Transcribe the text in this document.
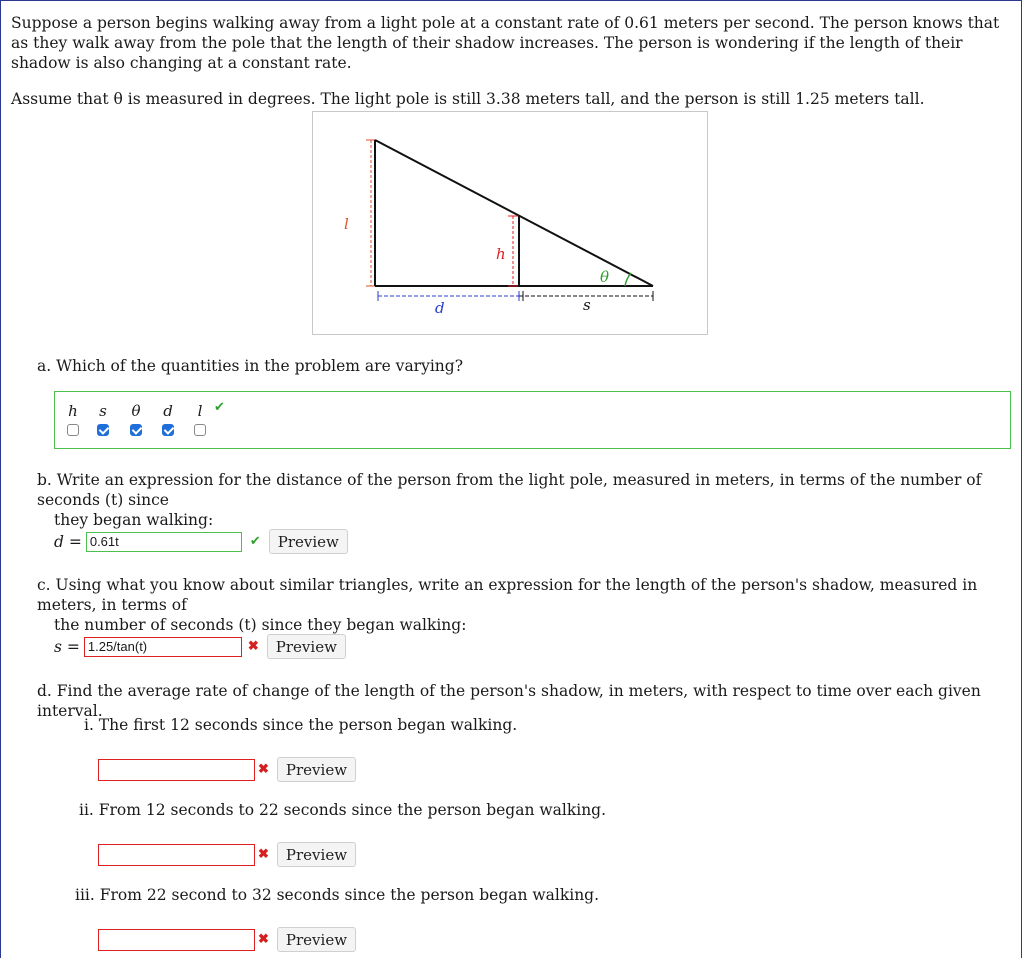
Suppose a person begins walking away from a light pole at a constant rate of 0.61 meters per second. The person knows that as they walk away from the pole that the length of their shadow increases. The person is wondering if the length of their shadow is also changing at a constant rate.

Assume that θ is measured in degrees. The light pole is still 3.38 meters tall, and the person is still 1.25 meters tall.

l
h
θ
d	s
a. Which of the quantities in the problem are varying?
h	s	θ	d	l ✔
b. Write an expression for the distance of the person from the light pole, measured in meters, in terms of the number of seconds (t) since
they began walking:
d = 0.61t	✔	Preview
c. Using what you know about similar triangles, write an expression for the length of the person's shadow, measured in meters, in terms of
the number of seconds (t) since they began walking:
s = 1.25/tan(t)	✖	Preview
d. Find the average rate of change of the length of the person's shadow, in meters, with respect to time over each given interval.
i. The first 12 seconds since the person began walking.
✖	Preview
ii. From 12 seconds to 22 seconds since the person began walking.
✖	Preview
iii. From 22 second to 32 seconds since the person began walking.
✖	Preview
